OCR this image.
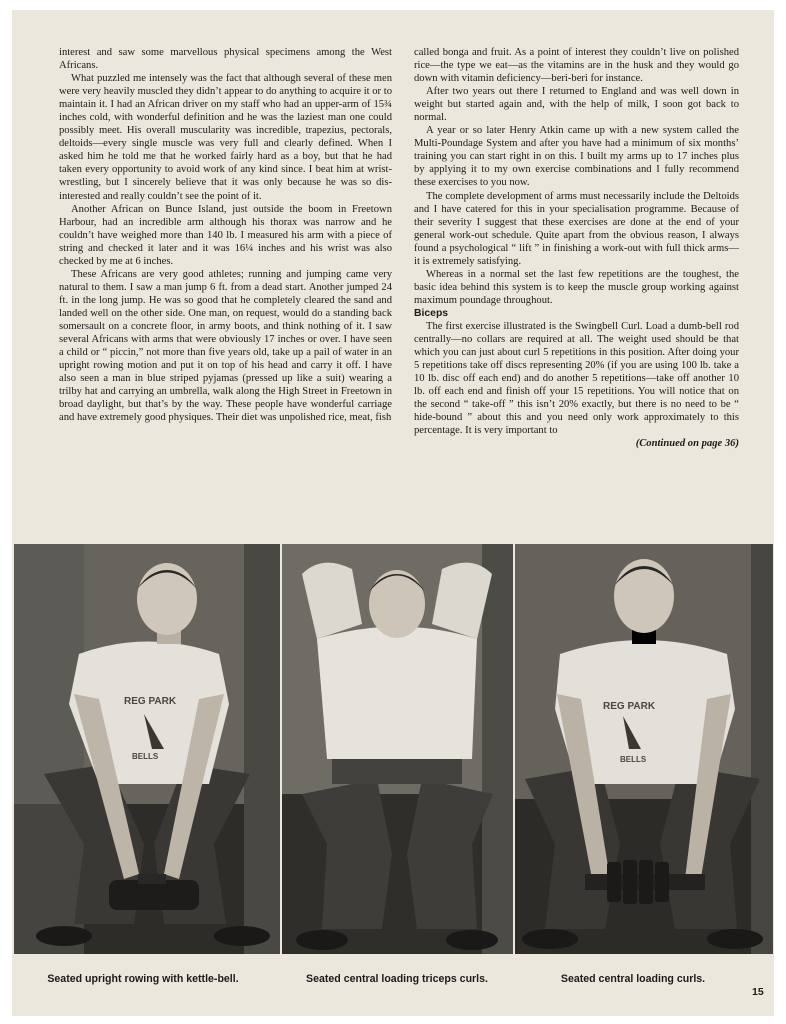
interest and saw some marvellous physical specimens among the West Africans.

What puzzled me intensely was the fact that although several of these men were very heavily muscled they didn’t appear to do anything to acquire it or to maintain it. I had an African driver on my staff who had an upper-arm of 15¾ inches cold, with wonderful definition and he was the laziest man one could possibly meet. His overall muscularity was incredible, trapezius, pectorals, deltoids—every single muscle was very full and clearly defined. When I asked him he told me that he worked fairly hard as a boy, but that he had taken every opportunity to avoid work of any kind since. I beat him at wrist-wrestling, but I sincerely believe that it was only because he was so dis-interested and really couldn’t see the point of it.

Another African on Bunce Island, just outside the boom in Freetown Harbour, had an incredible arm although his thorax was narrow and he couldn’t have weighed more than 140 lb. I measured his arm with a piece of string and checked it later and it was 16¼ inches and his wrist was also checked by me at 6 inches.

These Africans are very good athletes; running and jumping came very natural to them. I saw a man jump 6 ft. from a dead start. Another jumped 24 ft. in the long jump. He was so good that he completely cleared the sand and landed well on the other side. One man, on request, would do a standing back somersault on a concrete floor, in army boots, and think nothing of it. I saw several Africans with arms that were obviously 17 inches or over. I have seen a child or “ piccin,” not more than five years old, take up a pail of water in an upright rowing motion and put it on top of his head and carry it off. I have also seen a man in blue striped pyjamas (pressed up like a suit) wearing a trilby hat and carrying an umbrella, walk along the High Street in Freetown in broad daylight, but that’s by the way. These people have wonderful carriage and have extremely good physiques. Their diet was unpolished rice, meat, fish

called bonga and fruit. As a point of interest they couldn’t live on polished rice—the type we eat—as the vitamins are in the husk and they would go down with vitamin deficiency—beri-beri for instance.

After two years out there I returned to England and was well down in weight but started again and, with the help of milk, I soon got back to normal.

A year or so later Henry Atkin came up with a new system called the Multi-Poundage System and after you have had a minimum of six months’ training you can start right in on this. I built my arms up to 17 inches plus by applying it to my own exercise combinations and I fully recommend these exercises to you now.

The complete development of arms must necessarily include the Deltoids and I have catered for this in your specialisation programme. Because of their severity I suggest that these exercises are done at the end of your general work-out schedule. Quite apart from the obvious reason, I always found a psychological “ lift ” in finishing a work-out with full thick arms—it is extremely satisfying.

Whereas in a normal set the last few repetitions are the toughest, the basic idea behind this system is to keep the muscle group working against maximum poundage throughout.

Biceps

The first exercise illustrated is the Swingbell Curl. Load a dumb-bell rod centrally—no collars are required at all. The weight used should be that which you can just about curl 5 repetitions in this position. After doing your 5 repetitions take off discs representing 20% (if you are using 100 lb. take a 10 lb. disc off each end) and do another 5 repetitions—take off another 10 lb. off each end and finish off your 15 repetitions. You will notice that on the second “ take-off ” this isn’t 20% exactly, but there is no need to be “ hide-bound ” about this and you need only work approximately to this percentage. It is very important to

(Continued on page 36)

REG PARK
BELLS
REG PARK
BELLS
Seated upright rowing with kettle-bell.	Seated central loading triceps curls.	Seated central loading curls.
15
